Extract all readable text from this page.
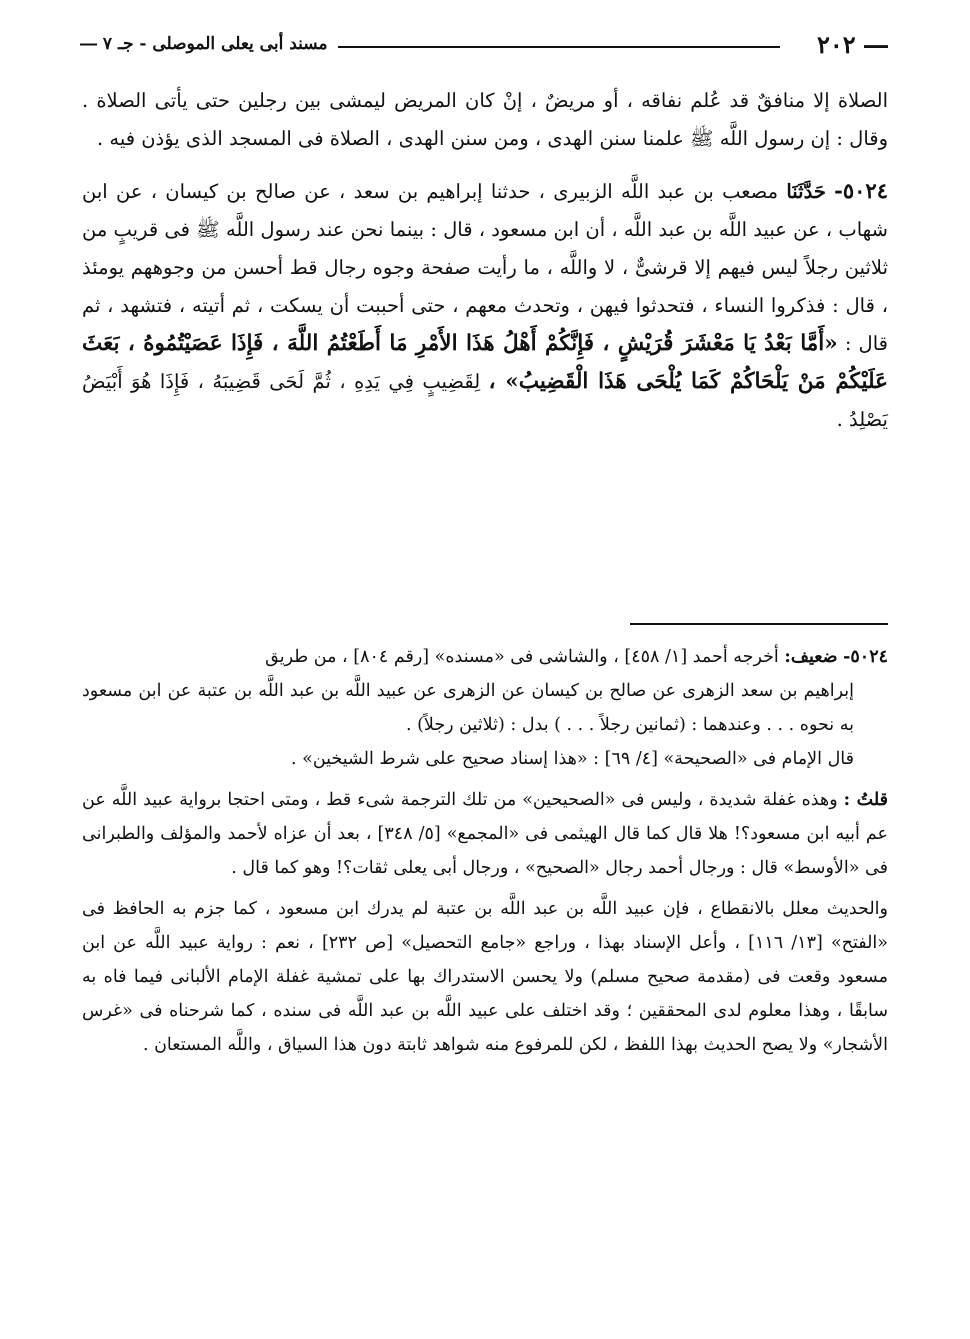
― ٢٠٢
مسند أبى يعلى الموصلى - جـ ٧ ―

الصلاة إلا منافقٌ قد عُلم نفاقه ، أو مريضٌ ، إنْ كان المريض ليمشى بين رجلين حتى يأتى الصلاة . وقال : إن رسول اللَّه ﷺ علمنا سنن الهدى ، ومن سنن الهدى ، الصلاة فى المسجد الذى يؤذن فيه .

٥٠٢٤- حَدَّثَنَا مصعب بن عبد اللَّه الزبيرى ، حدثنا إبراهيم بن سعد ، عن صالح بن كيسان ، عن ابن شهاب ، عن عبيد اللَّه بن عبد اللَّه ، أن ابن مسعود ، قال : بينما نحن عند رسول اللَّه ﷺ فى قريبٍ من ثلاثين رجلاً ليس فيهم إلا قرشىٌّ ، لا واللَّه ، ما رأيت صفحة وجوه رجال قط أحسن من وجوههم يومئذ ، قال : فذكروا النساء ، فتحدثوا فيهن ، وتحدث معهم ، حتى أحببت أن يسكت ، ثم أتيته ، فتشهد ، ثم قال : «أَمَّا بَعْدُ يَا مَعْشَرَ قُرَيْشٍ ، فَإِنَّكُمْ أَهْلُ هَذَا الأَمْرِ مَا أَطَعْتُمُ اللَّهَ ، فَإِذَا عَصَيْتُمُوهُ ، بَعَثَ عَلَيْكُمْ مَنْ يَلْحَاكُمْ كَمَا يُلْحَى هَذَا الْقَضِيبُ» ، لِقَضِيبٍ فِي يَدِهِ ، ثُمَّ لَحَى قَضِيبَهُ ، فَإِذَا هُوَ أَبْيَضُ يَصْلِدُ .

٥٠٢٤- ضعيف: أخرجه أحمد [١/ ٤٥٨] ، والشاشى فى «مسنده» [رقم ٨٠٤] ، من طريق

إبراهيم بن سعد الزهرى عن صالح بن كيسان عن الزهرى عن عبيد اللَّه بن عبد اللَّه بن عتبة عن ابن مسعود به نحوه . . . وعندهما : (ثمانين رجلاً . . . ) بدل : (ثلاثين رجلاً) .

قال الإمام فى «الصحيحة» [٤/ ٦٩] : «هذا إسناد صحيح على شرط الشيخين» .

قلتُ : وهذه غفلة شديدة ، وليس فى «الصحيحين» من تلك الترجمة شىء قط ، ومتى احتجا برواية عبيد اللَّه عن عم أبيه ابن مسعود؟! هلا قال كما قال الهيثمى فى «المجمع» [٥/ ٣٤٨] ، بعد أن عزاه لأحمد والمؤلف والطبرانى فى «الأوسط» قال : ورجال أحمد رجال «الصحيح» ، ورجال أبى يعلى ثقات؟! وهو كما قال .

والحديث معلل بالانقطاع ، فإن عبيد اللَّه بن عبد اللَّه بن عتبة لم يدرك ابن مسعود ، كما جزم به الحافظ فى «الفتح» [١٣/ ١١٦] ، وأعل الإسناد بهذا ، وراجع «جامع التحصيل» [ص ٢٣٢] ، نعم : رواية عبيد اللَّه عن ابن مسعود وقعت فى (مقدمة صحيح مسلم) ولا يحسن الاستدراك بها على تمشية غفلة الإمام الألبانى فيما فاه به سابقًا ، وهذا معلوم لدى المحققين ؛ وقد اختلف على عبيد اللَّه بن عبد اللَّه فى سنده ، كما شرحناه فى «غرس الأشجار» ولا يصح الحديث بهذا اللفظ ، لكن للمرفوع منه شواهد ثابتة دون هذا السياق ، واللَّه المستعان .
